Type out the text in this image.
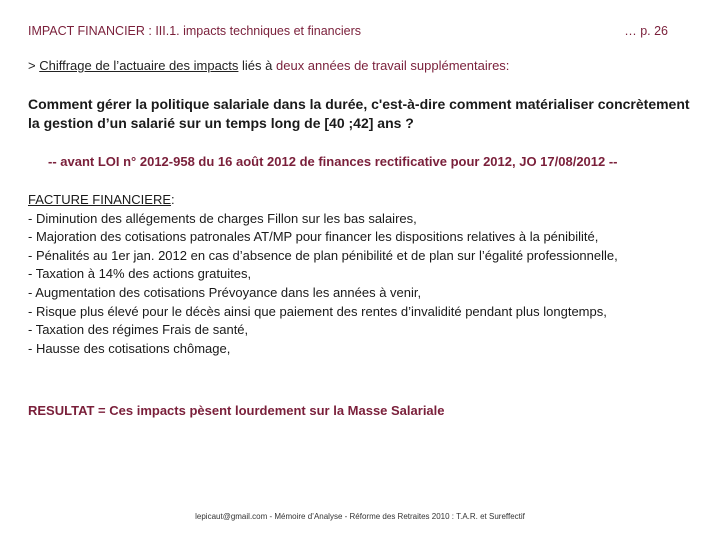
IMPACT FINANCIER : III.1. impacts techniques et financiers	… p. 26
> Chiffrage de l’actuaire des impacts liés à deux années de travail supplémentaires:
Comment gérer la politique salariale dans la durée, c'est-à-dire comment matérialiser concrètement la gestion d’un salarié sur un temps long de [40 ;42] ans ?
-- avant LOI n° 2012-958 du 16 août 2012 de finances rectificative pour 2012, JO 17/08/2012 --
FACTURE FINANCIERE:
- Diminution des allégements de charges Fillon sur les bas salaires,
- Majoration des cotisations patronales AT/MP pour financer les dispositions relatives à la pénibilité,
- Pénalités au 1er jan. 2012 en cas d’absence de plan pénibilité et de plan sur l’égalité professionnelle,
- Taxation à 14% des actions gratuites,
- Augmentation des cotisations Prévoyance dans les années à venir,
- Risque plus élevé pour le décès ainsi que paiement des rentes d’invalidité pendant plus longtemps,
- Taxation des régimes Frais de santé,
- Hausse des cotisations chômage,
RESULTAT = Ces impacts pèsent lourdement sur la Masse Salariale
lepicaut@gmail.com - Mémoire d’Analyse - Réforme des Retraites 2010 : T.A.R. et Sureffectif
